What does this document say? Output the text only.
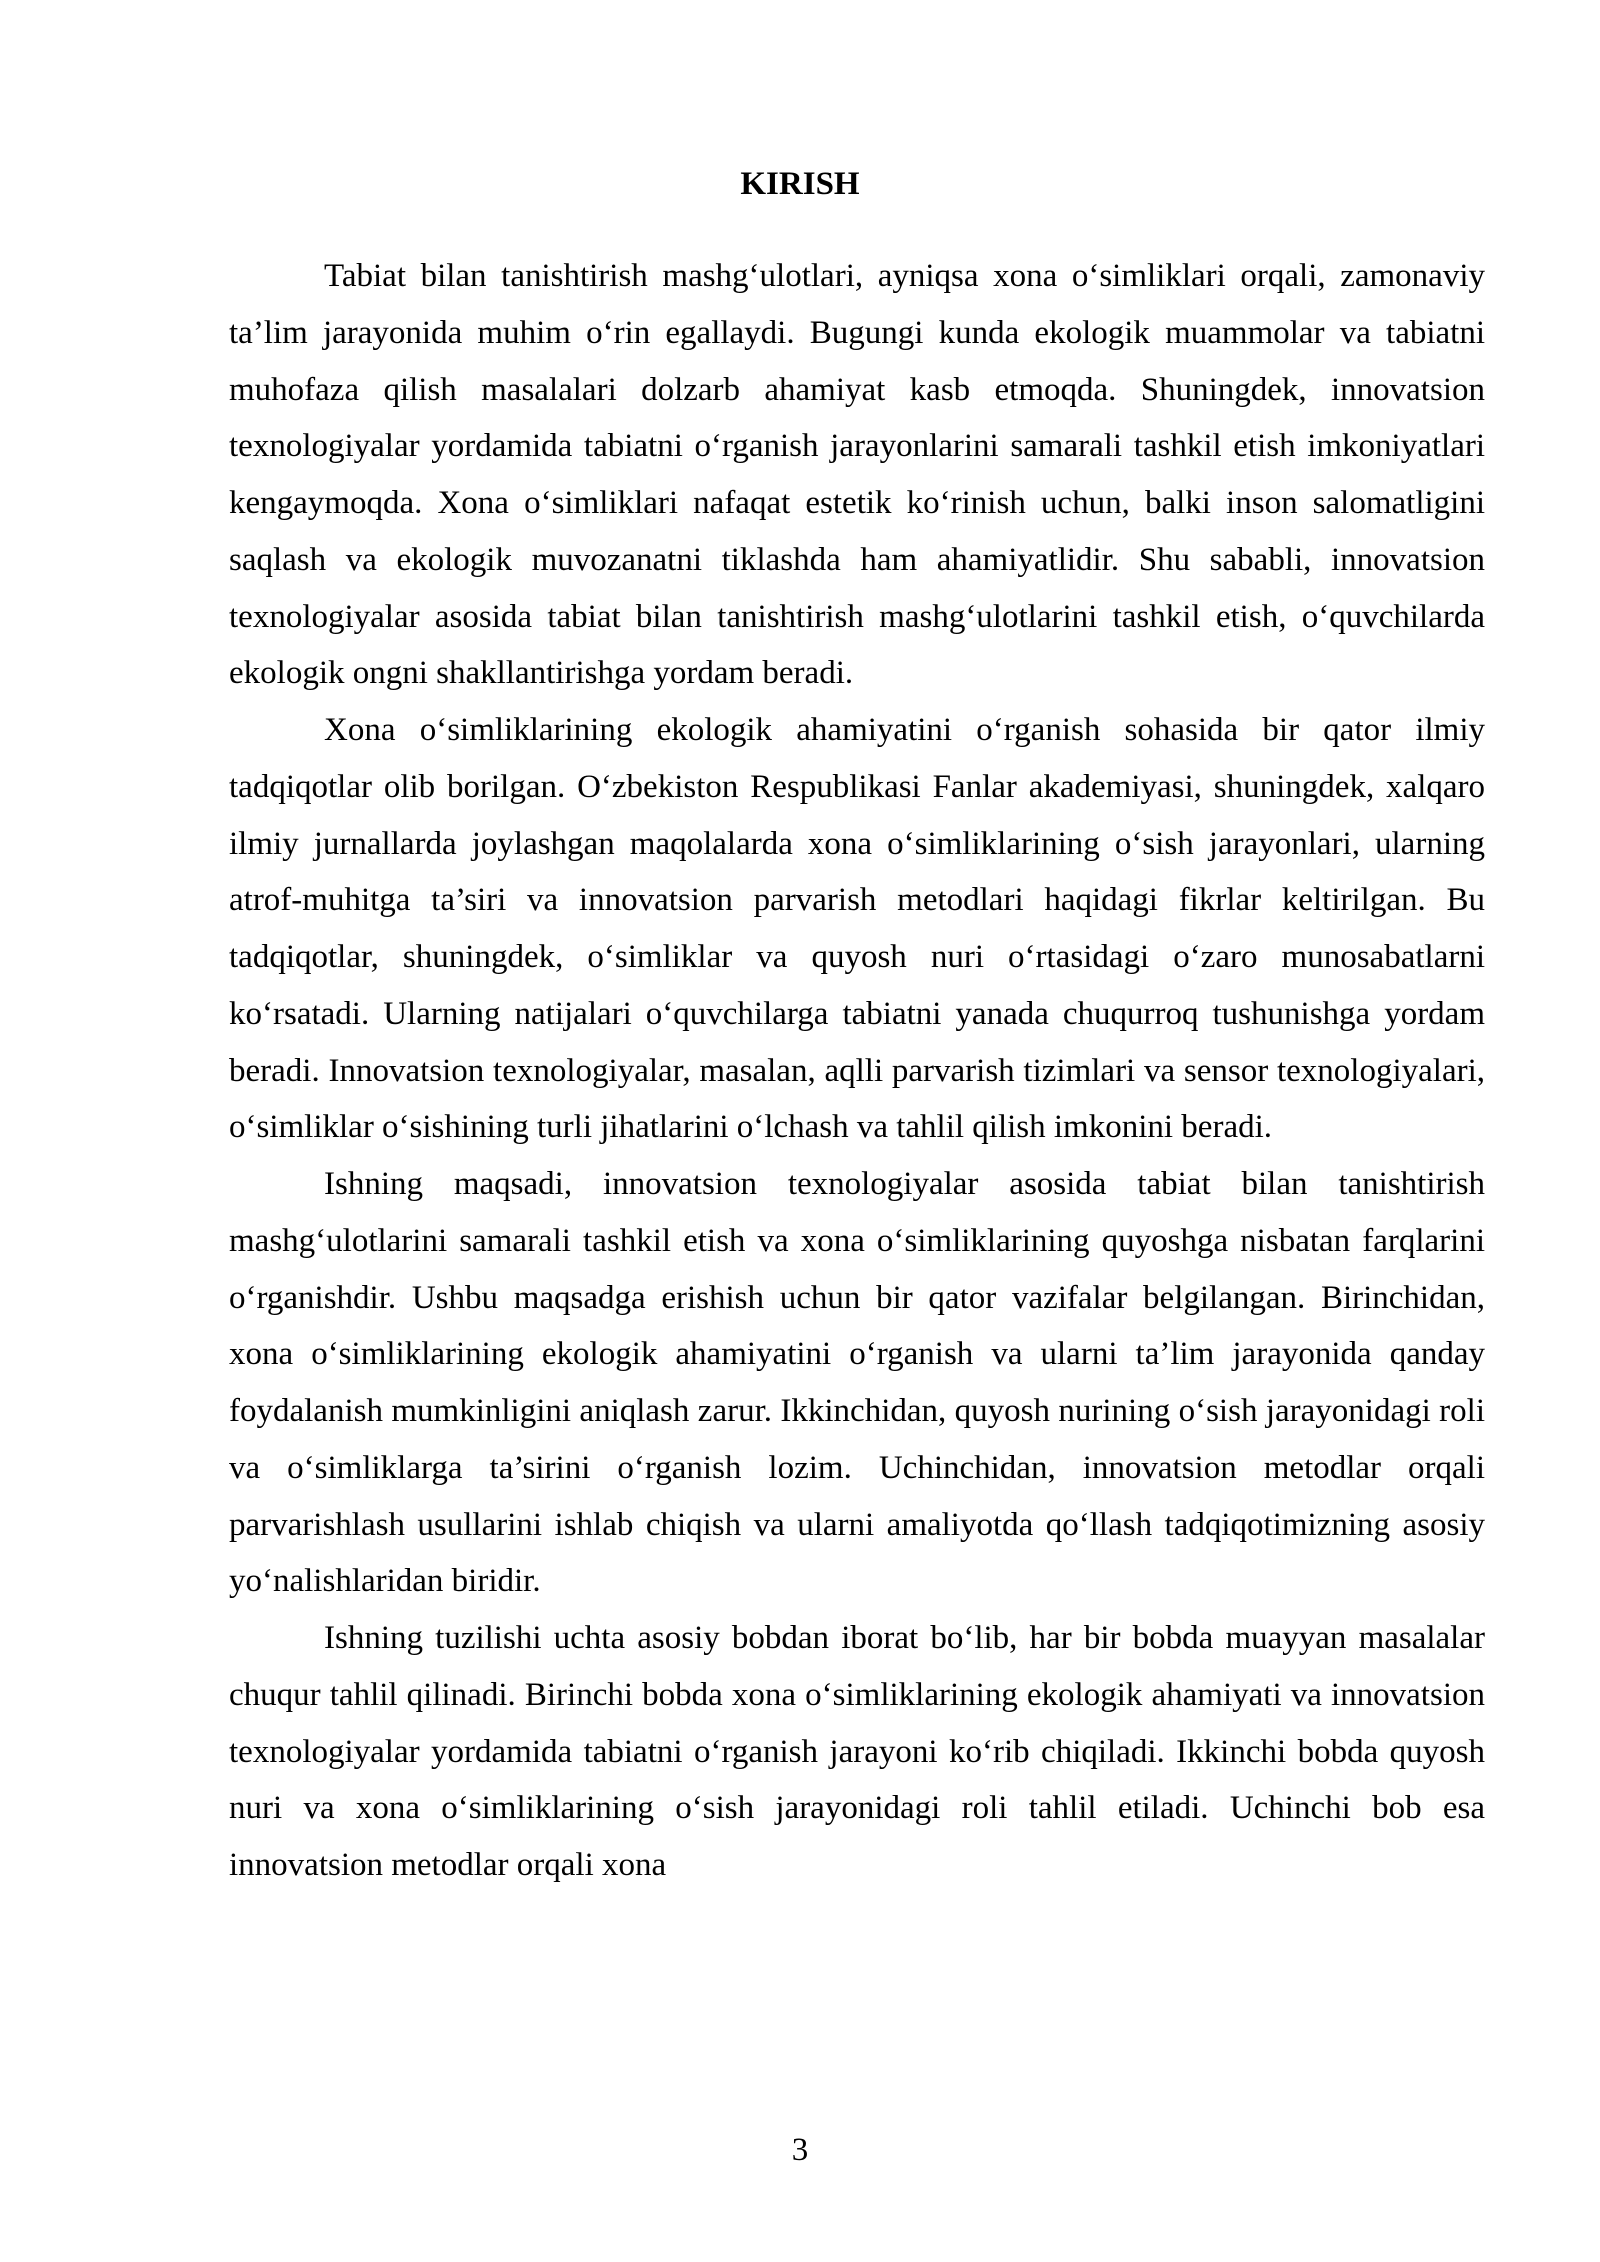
KIRISH

Tabiat bilan tanishtirish mashg‘ulotlari, ayniqsa xona o‘simliklari orqali, zamonaviy ta’lim jarayonida muhim o‘rin egallaydi. Bugungi kunda ekologik muammolar va tabiatni muhofaza qilish masalalari dolzarb ahamiyat kasb etmoqda. Shuningdek, innovatsion texnologiyalar yordamida tabiatni o‘rganish jarayonlarini samarali tashkil etish imkoniyatlari kengaymoqda. Xona o‘simliklari nafaqat estetik ko‘rinish uchun, balki inson salomatligini saqlash va ekologik muvozanatni tiklashda ham ahamiyatlidir. Shu sababli, innovatsion texnologiyalar asosida tabiat bilan tanishtirish mashg‘ulotlarini tashkil etish, o‘quvchilarda ekologik ongni shakllantirishga yordam beradi.

Xona o‘simliklarining ekologik ahamiyatini o‘rganish sohasida bir qator ilmiy tadqiqotlar olib borilgan. O‘zbekiston Respublikasi Fanlar akademiyasi, shuningdek, xalqaro ilmiy jurnallarda joylashgan maqolalarda xona o‘simliklarining o‘sish jarayonlari, ularning atrof-muhitga ta’siri va innovatsion parvarish metodlari haqidagi fikrlar keltirilgan. Bu tadqiqotlar, shuningdek, o‘simliklar va quyosh nuri o‘rtasidagi o‘zaro munosabatlarni ko‘rsatadi. Ularning natijalari o‘quvchilarga tabiatni yanada chuqurroq tushunishga yordam beradi. Innovatsion texnologiyalar, masalan, aqlli parvarish tizimlari va sensor texnologiyalari, o‘simliklar o‘sishining turli jihatlarini o‘lchash va tahlil qilish imkonini beradi.

Ishning maqsadi, innovatsion texnologiyalar asosida tabiat bilan tanishtirish mashg‘ulotlarini samarali tashkil etish va xona o‘simliklarining quyoshga nisbatan farqlarini o‘rganishdir. Ushbu maqsadga erishish uchun bir qator vazifalar belgilangan. Birinchidan, xona o‘simliklarining ekologik ahamiyatini o‘rganish va ularni ta’lim jarayonida qanday foydalanish mumkinligini aniqlash zarur. Ikkinchidan, quyosh nurining o‘sish jarayonidagi roli va o‘simliklarga ta’sirini o‘rganish lozim. Uchinchidan, innovatsion metodlar orqali parvarishlash usullarini ishlab chiqish va ularni amaliyotda qo‘llash tadqiqotimizning asosiy yo‘nalishlaridan biridir.

Ishning tuzilishi uchta asosiy bobdan iborat bo‘lib, har bir bobda muayyan masalalar chuqur tahlil qilinadi. Birinchi bobda xona o‘simliklarining ekologik ahamiyati va innovatsion texnologiyalar yordamida tabiatni o‘rganish jarayoni ko‘rib chiqiladi. Ikkinchi bobda quyosh nuri va xona o‘simliklarining o‘sish jarayonidagi roli tahlil etiladi. Uchinchi bob esa innovatsion metodlar orqali xona

3
